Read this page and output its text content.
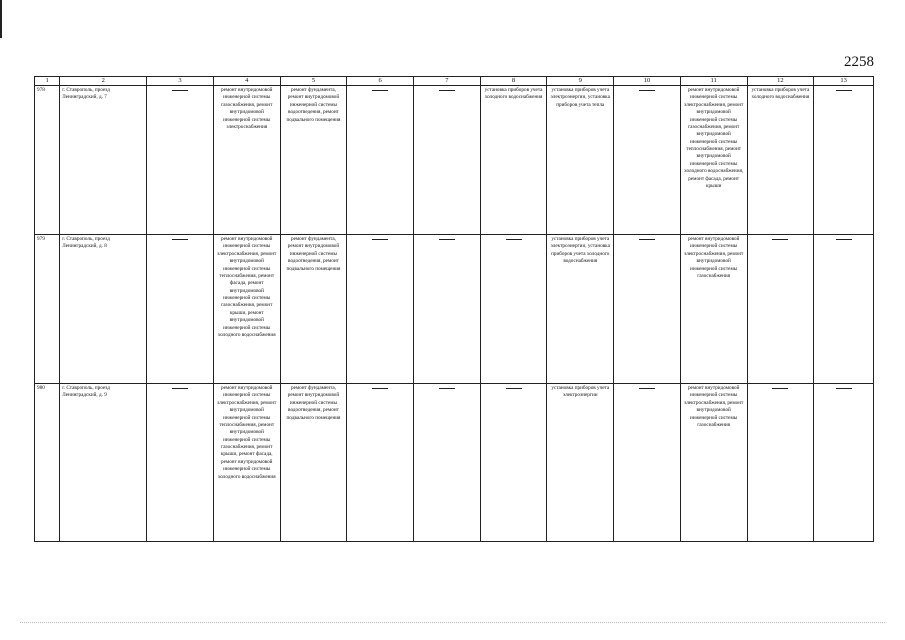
2258
1	2	3	4	5	6	7	8	9	10	11	12	13
978	г. Ставрополь, проезд Ленинградский, д. 7		ремонт внутридомовой инженерной системы газоснабжения, ремонт внутридомовой инженерной системы электроснабжения	ремонт фундамента, ремонт внутридомовой инженерной системы водоотведения, ремонт подвального помещения			установка приборов учета холодного водоснабжения	установка приборов учета электроэнергии, установка приборов учета тепла		ремонт внутридомовой инженерной системы электроснабжения, ремонт внутридомовой инженерной системы газоснабжения, ремонт внутридомовой инженерной системы теплоснабжения, ремонт внутридомовой инженерной системы холодного водоснабжения, ремонт фасада, ремонт крыши	установка приборов учета холодного водоснабжения	

979	г. Ставрополь, проезд Ленинградский, д. 8		ремонт внутридомовой инженерной системы электроснабжения, ремонт внутридомовой инженерной системы теплоснабжения, ремонт фасада, ремонт внутридомовой инженерной системы газоснабжения, ремонт крыши, ремонт внутридомовой инженерной системы холодного водоснабжения	ремонт фундамента, ремонт внутридомовой инженерной системы водоотведения, ремонт подвального помещения				установка приборов учета электроэнергии, установка приборов учета холодного водоснабжения		ремонт внутридомовой инженерной системы электроснабжения, ремонт внутридомовой инженерной системы газоснабжения	

980	г. Ставрополь, проезд Ленинградский, д. 9		ремонт внутридомовой инженерной системы электроснабжения, ремонт внутридомовой инженерной системы теплоснабжения, ремонт внутридомовой инженерной системы газоснабжения, ремонт крыши, ремонт фасада, ремонт внутридомовой инженерной системы холодного водоснабжения	ремонт фундамента, ремонт внутридомовой инженерной системы водоотведения, ремонт подвального помещения				установка приборов учета электроэнергии		ремонт внутридомовой инженерной системы электроснабжения, ремонт внутридомовой инженерной системы газоснабжения	
